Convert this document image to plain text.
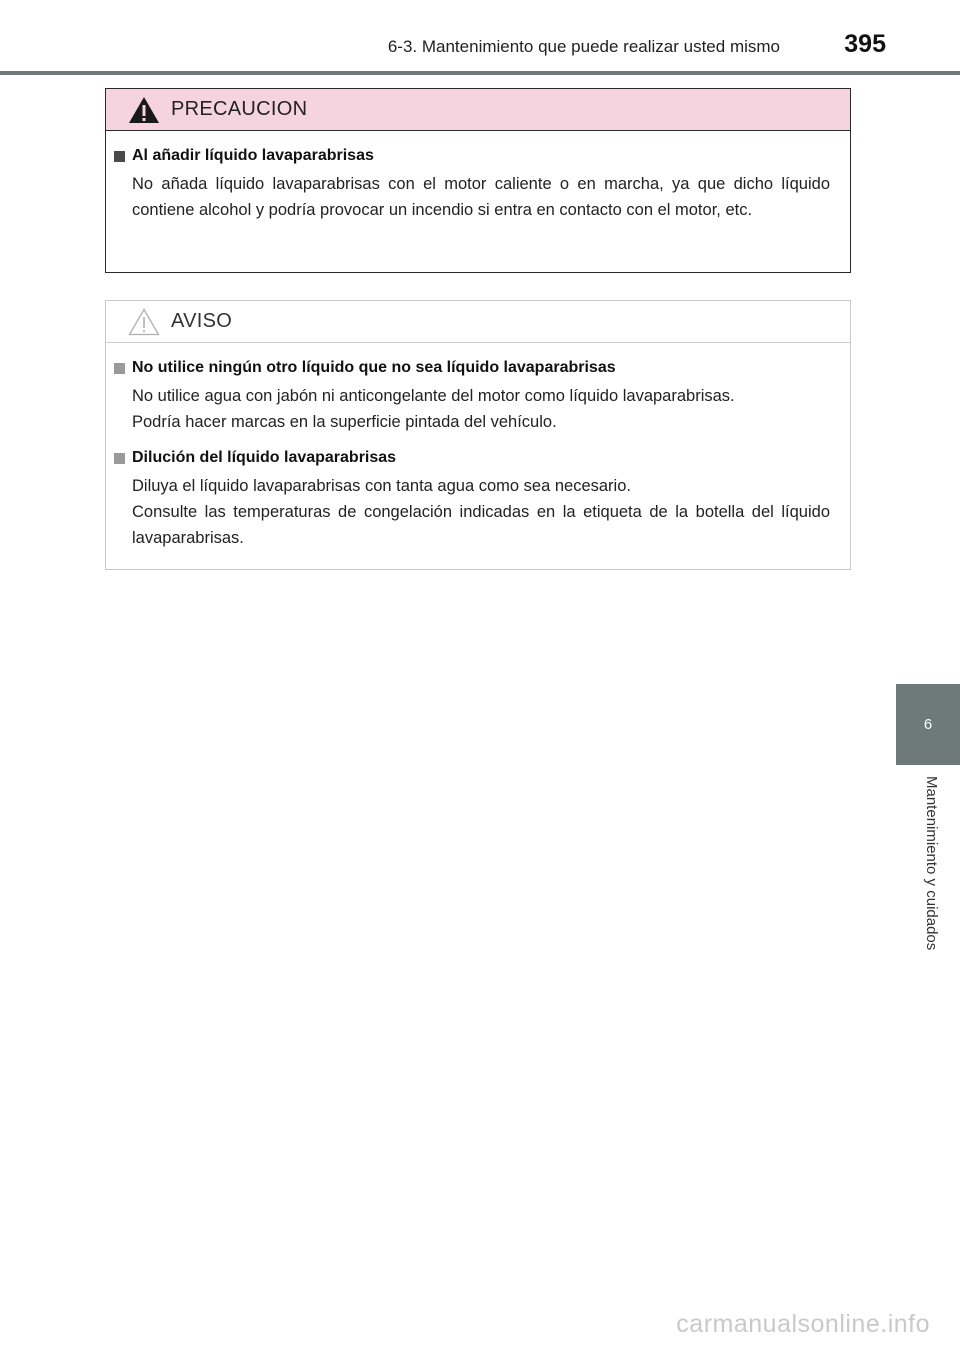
6-3. Mantenimiento que puede realizar usted mismo	395
PRECAUCION
Al añadir líquido lavaparabrisas

No añada líquido lavaparabrisas con el motor caliente o en marcha, ya que dicho líquido contiene alcohol y podría provocar un incendio si entra en contacto con el motor, etc.

AVISO
No utilice ningún otro líquido que no sea líquido lavaparabrisas

No utilice agua con jabón ni anticongelante del motor como líquido lavaparabrisas.

Podría hacer marcas en la superficie pintada del vehículo.

Dilución del líquido lavaparabrisas

Diluya el líquido lavaparabrisas con tanta agua como sea necesario.

Consulte las temperaturas de congelación indicadas en la etiqueta de la botella del líquido lavaparabrisas.

6
Mantenimiento y cuidados
carmanualsonline.info
